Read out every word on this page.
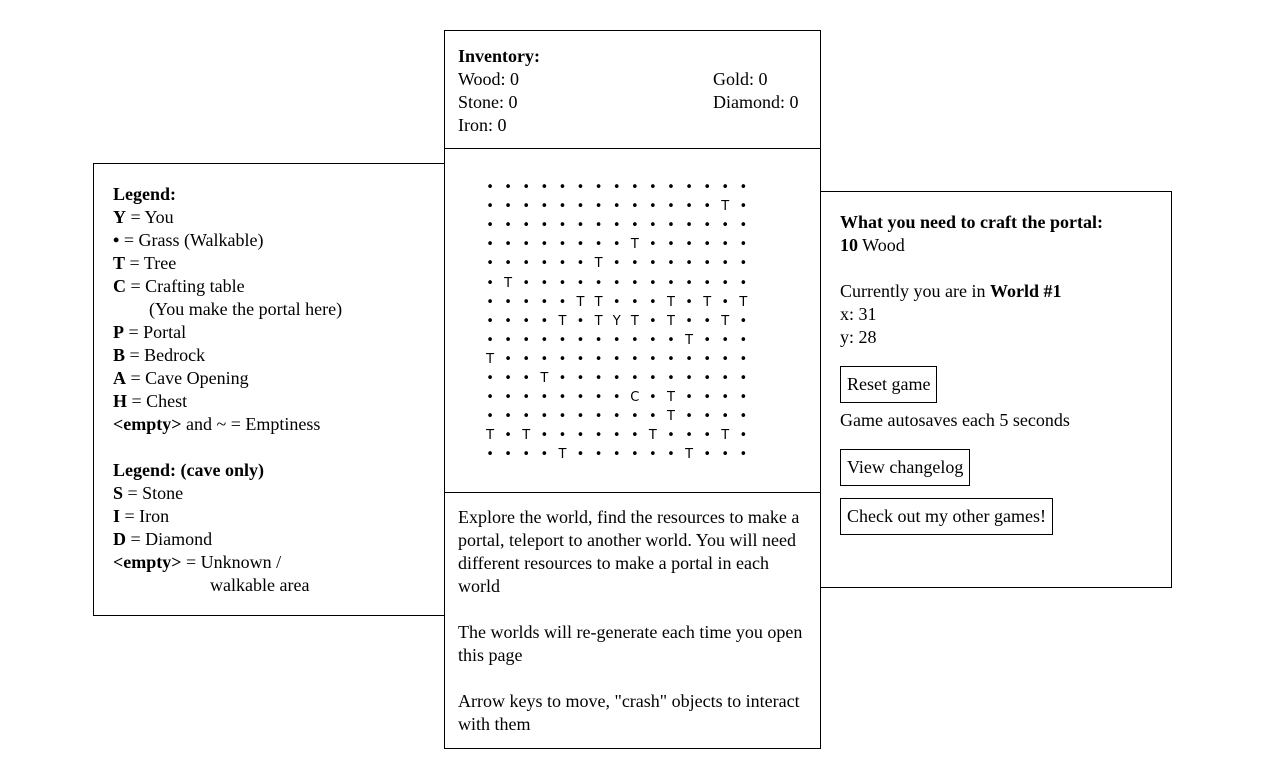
Legend:
Y = You
• = Grass (Walkable)
T = Tree
C = Crafting table
(You make the portal here)
P = Portal
B = Bedrock
A = Cave Opening
H = Chest
<empty> and ~ = Emptiness
Legend: (cave only)
S = Stone
I = Iron
D = Diamond
<empty> = Unknown /
walkable area
Inventory:
Wood: 0
Stone: 0
Iron: 0
Gold: 0
Diamond: 0
• • • • • • • • • • • • • • •
• • • • • • • • • • • • • T •
• • • • • • • • • • • • • • •
• • • • • • • • T • • • • • •
• • • • • • T • • • • • • • •
• T • • • • • • • • • • • • •
• • • • • T T • • • T • T • T
• • • • T • T Y T • T • • T •
• • • • • • • • • • • T • • •
T • • • • • • • • • • • • • •
• • • T • • • • • • • • • • •
• • • • • • • • C • T • • • •
• • • • • • • • • • T • • • •
T • T • • • • • • T • • • T •
• • • • T • • • • • • T • • •
Explore the world, find the resources to make a portal, teleport to another world. You will need different resources to make a portal in each world
The worlds will re-generate each time you open this page
Arrow keys to move, "crash" objects to interact with them
What you need to craft the portal:
10 Wood
Currently you are in World #1
x: 31
y: 28
Reset game
Game autosaves each 5 seconds
View changelog
Check out my other games!
